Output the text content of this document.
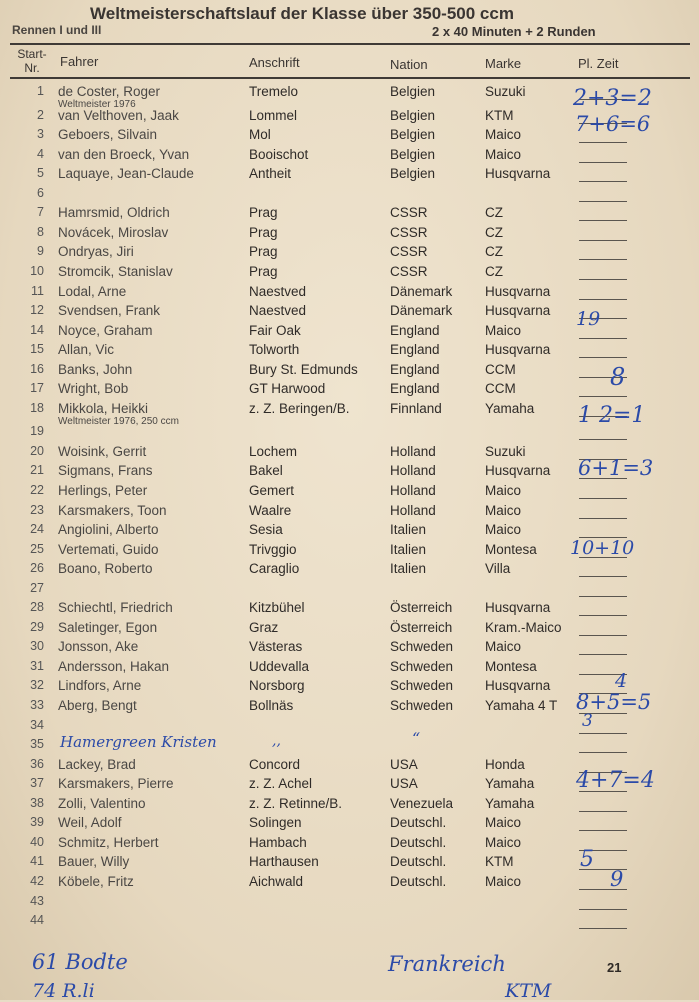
Weltmeisterschaftslauf der Klasse über 350-500 ccm
Rennen I und III	2 x 40 Minuten + 2 Runden
Start-
Nr.	Fahrer	Anschrift	Nation	Marke	Pl. Zeit
1 de Coster, Roger	Tremelo	Belgien	Suzuki
Weltmeister 1976
2 van Velthoven, Jaak	Lommel	Belgien	KTM
3 Geboers, Silvain	Mol	Belgien	Maico
4 van den Broeck, Yvan	Booischot	Belgien	Maico
5 Laquaye, Jean-Claude	Antheit	Belgien	Husqvarna
6
7 Hamrsmid, Oldrich	Prag	CSSR	CZ
8 Novácek, Miroslav	Prag	CSSR	CZ
9 Ondryas, Jiri	Prag	CSSR	CZ
10 Stromcik, Stanislav	Prag	CSSR	CZ
11 Lodal, Arne	Naestved	Dänemark Husqvarna
12 Svendsen, Frank	Naestved	Dänemark Husqvarna
14 Noyce, Graham	Fair Oak	England	Maico
15 Allan, Vic	Tolworth	England	Husqvarna
16 Banks, John	Bury St. Edmunds England	CCM
17 Wright, Bob	GT Harwood	England	CCM
18 Mikkola, Heikki	z. Z. Beringen/B.	Finnland	Yamaha
Weltmeister 1976, 250 ccm
19
20 Woisink, Gerrit	Lochem	Holland	Suzuki
21 Sigmans, Frans	Bakel	Holland	Husqvarna
22 Herlings, Peter	Gemert	Holland	Maico
23 Karsmakers, Toon	Waalre	Holland	Maico
24 Angiolini, Alberto	Sesia	Italien	Maico
25 Vertemati, Guido	Trivggio	Italien	Montesa
26 Boano, Roberto	Caraglio	Italien	Villa
27
28 Schiechtl, Friedrich	Kitzbühel	Österreich Husqvarna
29 Saletinger, Egon	Graz	Österreich Kram.-Maico
30 Jonsson, Ake	Västeras	Schweden Maico
31 Andersson, Hakan	Uddevalla	Schweden Montesa
32 Lindfors, Arne	Norsborg	Schweden Husqvarna
33 Aberg, Bengt	Bollnäs	Schweden Yamaha 4 T
34
35
36 Lackey, Brad	Concord	USA	Honda
37 Karsmakers, Pierre	z. Z. Achel	USA	Yamaha
38 Zolli, Valentino	z. Z. Retinne/B.	Venezuela Yamaha
39 Weil, Adolf	Solingen	Deutschl.	Maico
40 Schmitz, Herbert	Hambach	Deutschl.	Maico
41 Bauer, Willy	Harthausen	Deutschl.	KTM
42 Köbele, Fritz	Aichwald	Deutschl.	Maico
43
44
2+3=2
7+6=6
19
8
1 2=1
6+1=3
10+10
4
8+5=5
3
Hamergreen Kristen	,,	“
4+7=4
5
9
61 Bodte	Frankreich
74 R.li	KTM
21
